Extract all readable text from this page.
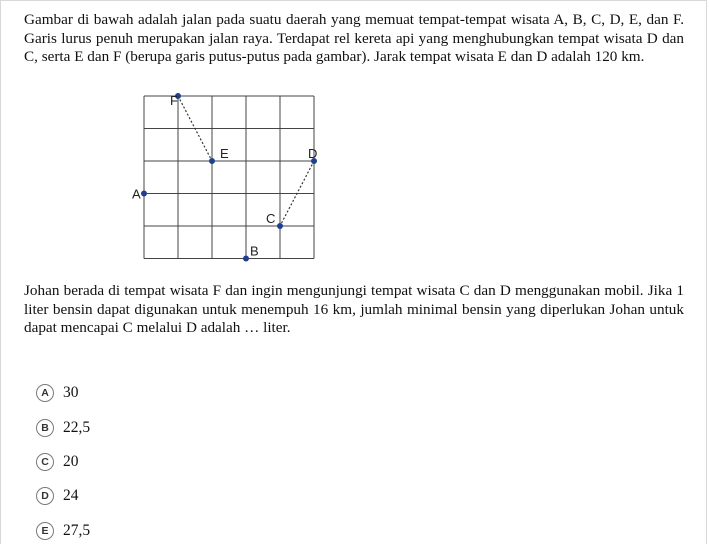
Gambar di bawah adalah jalan pada suatu daerah yang memuat tempat-tempat wisata A, B, C, D, E, dan F. Garis lurus penuh merupakan jalan raya. Terdapat rel kereta api yang menghubungkan tempat wisata D dan C, serta E dan F (berupa garis putus-putus pada gambar). Jarak tempat wisata E dan D adalah 120 km.
F
E	D
A
C
B
Johan berada di tempat wisata F dan ingin mengunjungi tempat wisata C dan D menggunakan mobil. Jika 1 liter bensin dapat digunakan untuk menempuh 16 km, jumlah minimal bensin yang diperlukan Johan untuk dapat mencapai C melalui D adalah … liter.
A 30
B 22,5
C 20
D 24
E 27,5
